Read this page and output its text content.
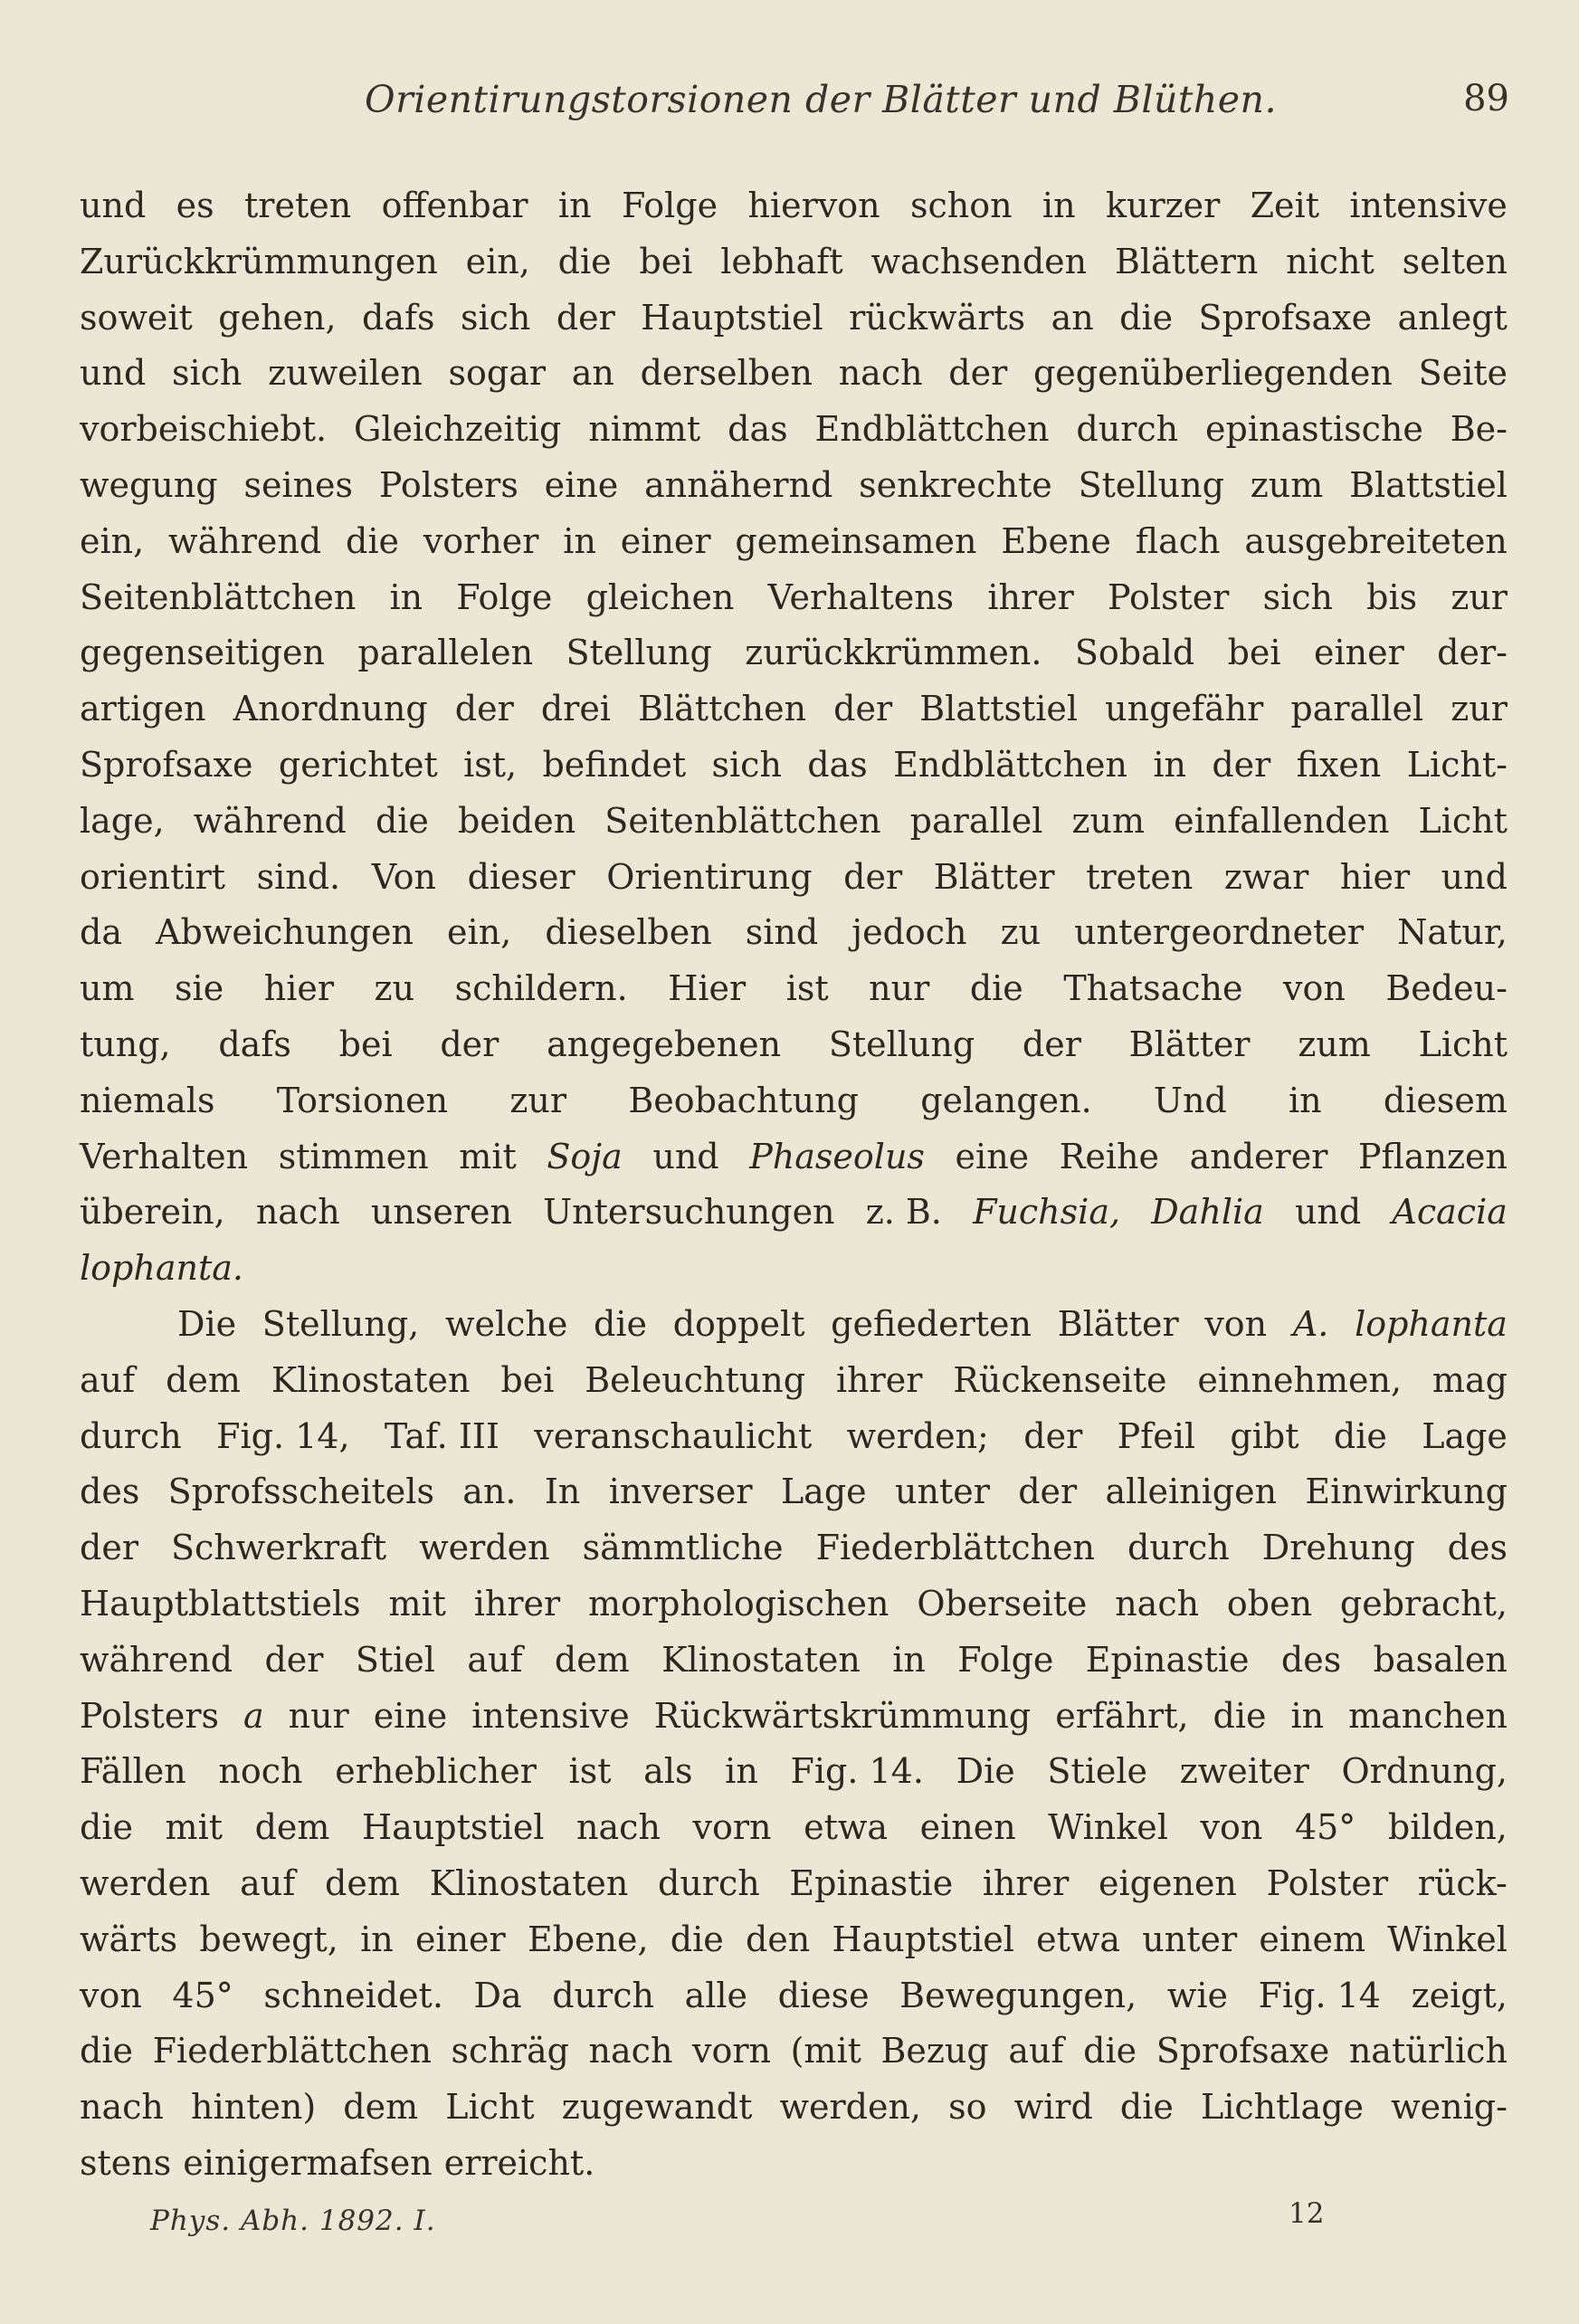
Orientirungstorsionen der Blätter und Blüthen.	89
und es treten offenbar in Folge hiervon schon in kurzer Zeit intensive
Zurückkrümmungen ein, die bei lebhaft wachsenden Blättern nicht selten
soweit gehen, dafs sich der Hauptstiel rückwärts an die Sprofsaxe anlegt
und sich zuweilen sogar an derselben nach der gegenüberliegenden Seite
vorbeischiebt. Gleichzeitig nimmt das Endblättchen durch epinastische Be-
wegung seines Polsters eine annähernd senkrechte Stellung zum Blattstiel
ein, während die vorher in einer gemeinsamen Ebene flach ausgebreiteten
Seitenblättchen in Folge gleichen Verhaltens ihrer Polster sich bis zur
gegenseitigen parallelen Stellung zurückkrümmen. Sobald bei einer der-
artigen Anordnung der drei Blättchen der Blattstiel ungefähr parallel zur
Sprofsaxe gerichtet ist, befindet sich das Endblättchen in der fixen Licht-
lage, während die beiden Seitenblättchen parallel zum einfallenden Licht
orientirt sind. Von dieser Orientirung der Blätter treten zwar hier und
da Abweichungen ein, dieselben sind jedoch zu untergeordneter Natur,
um sie hier zu schildern. Hier ist nur die Thatsache von Bedeu-
tung, dafs bei der angegebenen Stellung der Blätter zum Licht
niemals Torsionen zur Beobachtung gelangen. Und in diesem
Verhalten stimmen mit Soja und Phaseolus eine Reihe anderer Pflanzen
überein, nach unseren Untersuchungen z. B. Fuchsia, Dahlia und Acacia
lophanta.
Die Stellung, welche die doppelt gefiederten Blätter von A. lophanta
auf dem Klinostaten bei Beleuchtung ihrer Rückenseite einnehmen, mag
durch Fig. 14, Taf. III veranschaulicht werden; der Pfeil gibt die Lage
des Sprofsscheitels an. In inverser Lage unter der alleinigen Einwirkung
der Schwerkraft werden sämmtliche Fiederblättchen durch Drehung des
Hauptblattstiels mit ihrer morphologischen Oberseite nach oben gebracht,
während der Stiel auf dem Klinostaten in Folge Epinastie des basalen
Polsters a nur eine intensive Rückwärtskrümmung erfährt, die in manchen
Fällen noch erheblicher ist als in Fig. 14. Die Stiele zweiter Ordnung,
die mit dem Hauptstiel nach vorn etwa einen Winkel von 45° bilden,
werden auf dem Klinostaten durch Epinastie ihrer eigenen Polster rück-
wärts bewegt, in einer Ebene, die den Hauptstiel etwa unter einem Winkel
von 45° schneidet. Da durch alle diese Bewegungen, wie Fig. 14 zeigt,
die Fiederblättchen schräg nach vorn (mit Bezug auf die Sprofsaxe natürlich
nach hinten) dem Licht zugewandt werden, so wird die Lichtlage wenig-
stens einigermafsen erreicht.
Phys. Abh. 1892. I.	12
